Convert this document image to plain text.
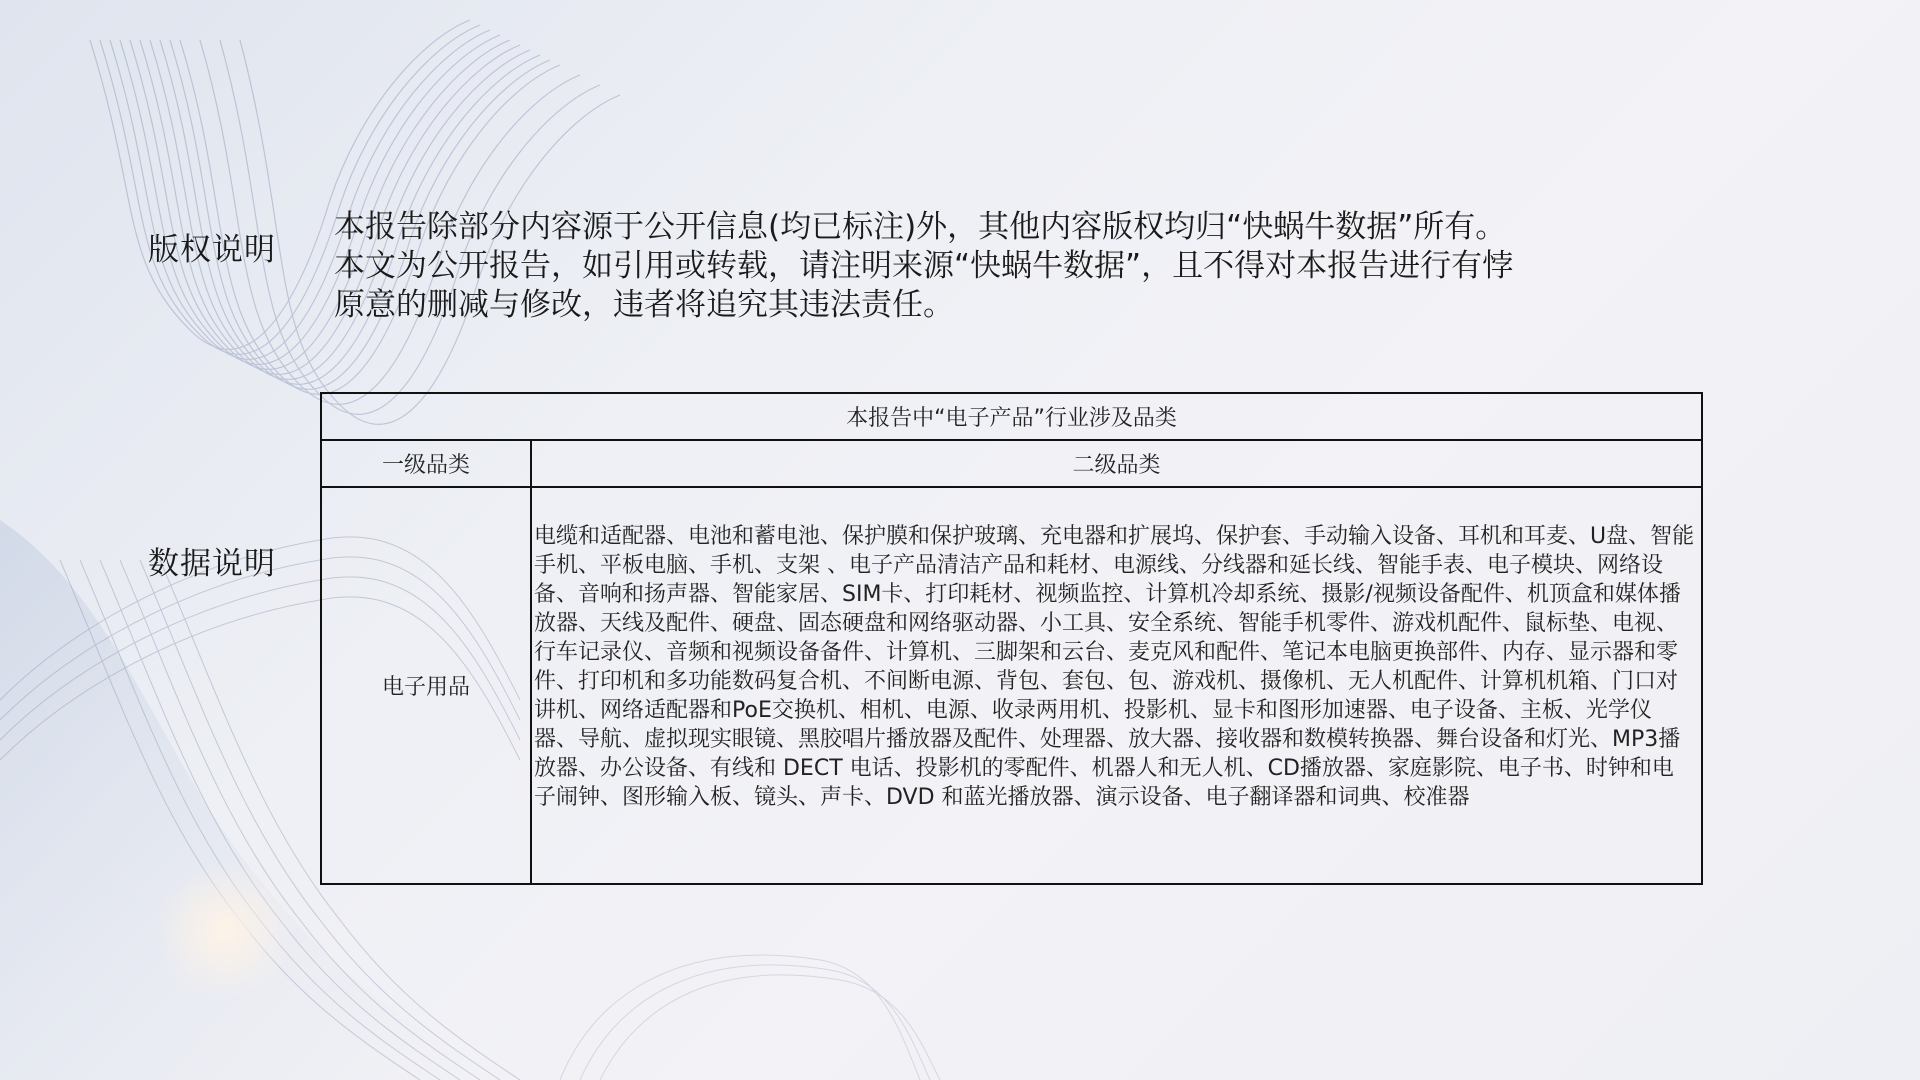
版权说明
本报告除部分内容源于公开信息(均已标注)外，其他内容版权均归“快蜗牛数据”所有。本文为公开报告，如引用或转载，请注明来源“快蜗牛数据”，且不得对本报告进行有悖原意的删减与修改，违者将追究其违法责任。
数据说明
本报告中“电子产品”行业涉及品类	
一级品类	二级品类
电子用品	电缆和适配器、电池和蓄电池、保护膜和保护玻璃、充电器和扩展坞、保护套、手动输入设备、耳机和耳麦、U盘、智能手机、平板电脑、手机、支架 、电子产品清洁产品和耗材、电源线、分线器和延长线、智能手表、电子模块、网络设备、音响和扬声器、智能家居、SIM卡、打印耗材、视频监控、计算机冷却系统、摄影/视频设备配件、机顶盒和媒体播放器、天线及配件、硬盘、固态硬盘和网络驱动器、小工具、安全系统、智能手机零件、游戏机配件、鼠标垫、电视、行车记录仪、音频和视频设备备件、计算机、三脚架和云台、麦克风和配件、笔记本电脑更换部件、内存、显示器和零件、打印机和多功能数码复合机、不间断电源、背包、套包、包、游戏机、摄像机、无人机配件、计算机机箱、门口对讲机、网络适配器和PoE交换机、相机、电源、收录两用机、投影机、显卡和图形加速器、电子设备、主板、光学仪器、导航、虚拟现实眼镜、黑胶唱片播放器及配件、处理器、放大器、接收器和数模转换器、舞台设备和灯光、MP3播放器、办公设备、有线和 DECT 电话、投影机的零配件、机器人和无人机、CD播放器、家庭影院、电子书、时钟和电子闹钟、图形输入板、镜头、声卡、DVD 和蓝光播放器、演示设备、电子翻译器和词典、校准器
